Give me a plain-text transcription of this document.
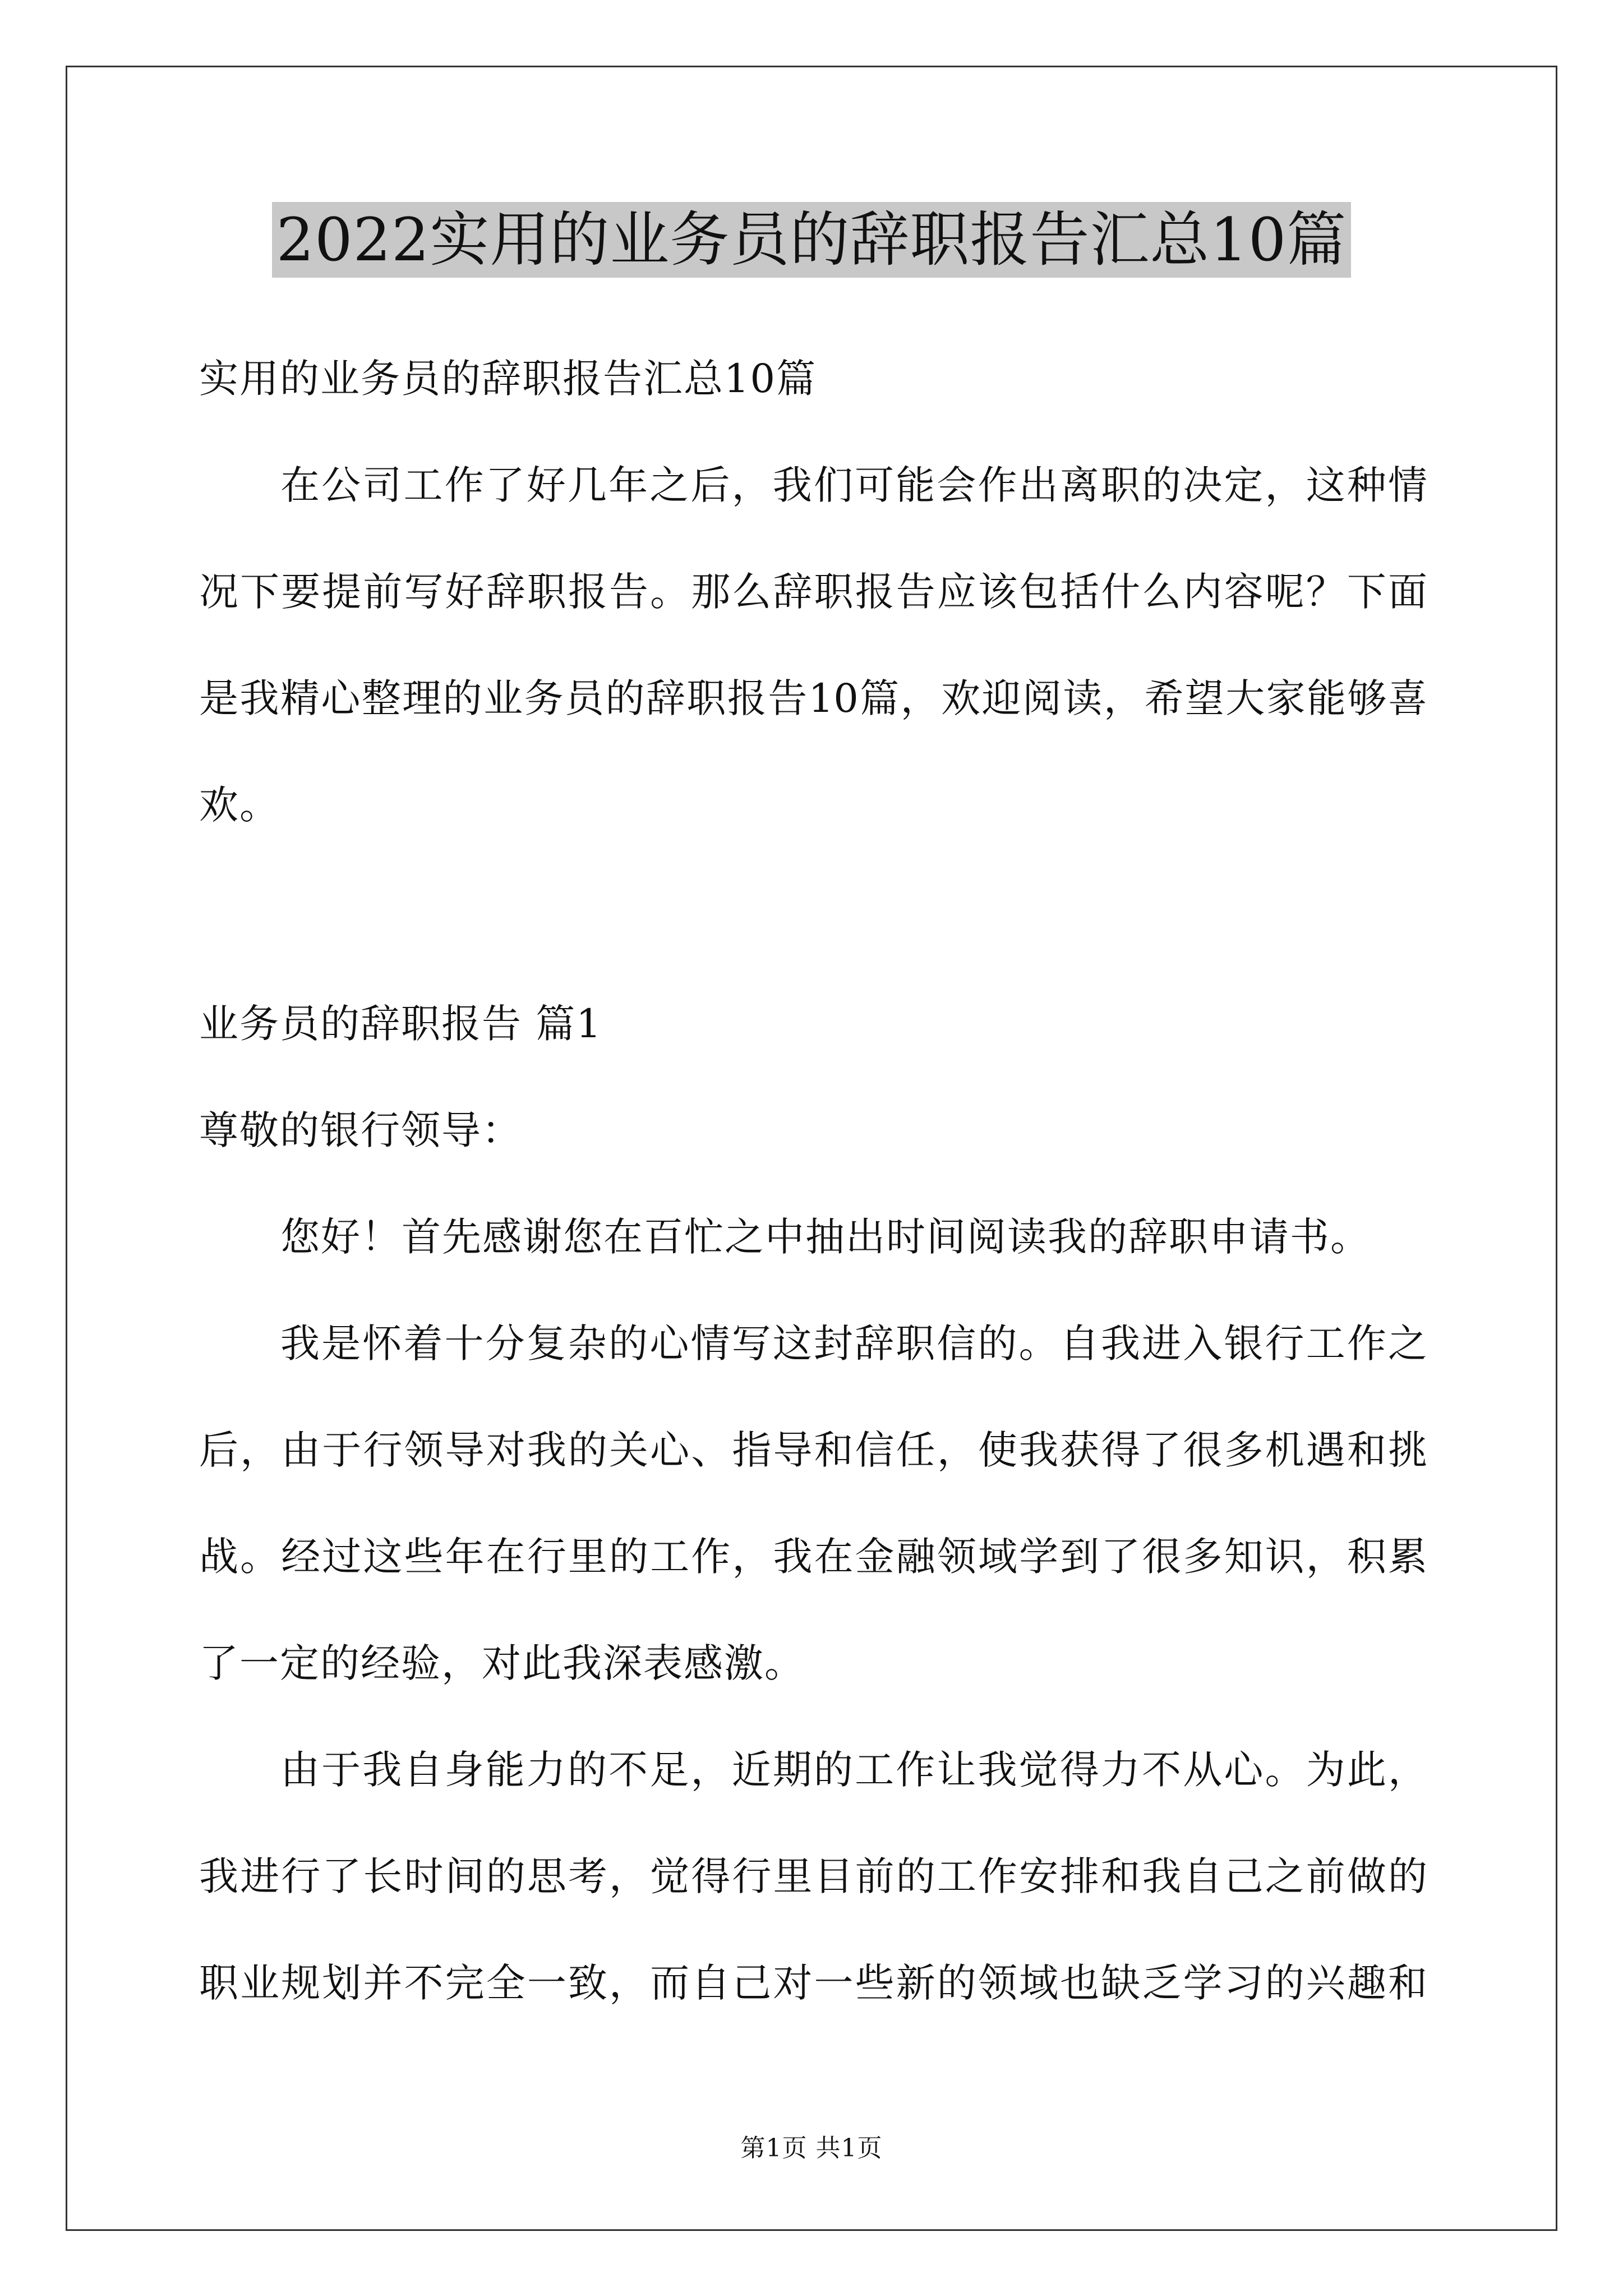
2022实用的业务员的辞职报告汇总10篇
实用的业务员的辞职报告汇总10篇
在公司工作了好几年之后，我们可能会作出离职的决定，这种情
况下要提前写好辞职报告。那么辞职报告应该包括什么内容呢？下面
是我精心整理的业务员的辞职报告10篇，欢迎阅读，希望大家能够喜
欢。
业务员的辞职报告 篇1
尊敬的银行领导：
您好！首先感谢您在百忙之中抽出时间阅读我的辞职申请书。
我是怀着十分复杂的心情写这封辞职信的。自我进入银行工作之
后，由于行领导对我的关心、指导和信任，使我获得了很多机遇和挑
战。经过这些年在行里的工作，我在金融领域学到了很多知识，积累
了一定的经验，对此我深表感激。
由于我自身能力的不足，近期的工作让我觉得力不从心。为此，
我进行了长时间的思考，觉得行里目前的工作安排和我自己之前做的
职业规划并不完全一致，而自己对一些新的领域也缺乏学习的兴趣和
第1页 共1页
